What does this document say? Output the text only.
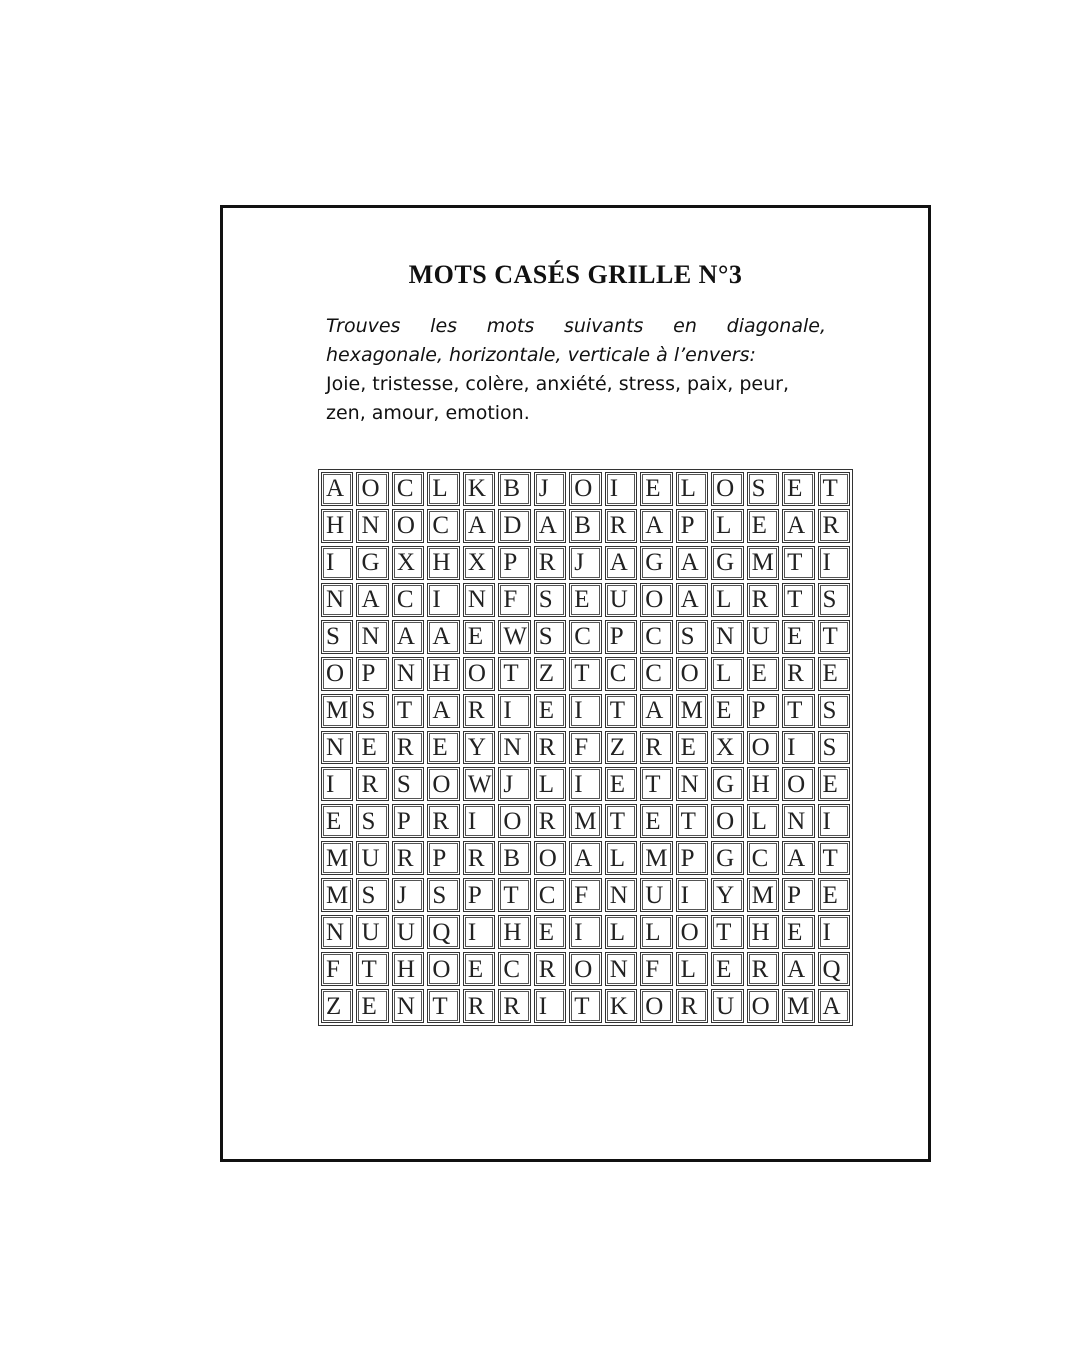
MOTS CASÉS GRILLE N°3
Trouves les mots suivants en diagonale,
hexagonale, horizontale, verticale à l’envers:
Joie, tristesse, colère, anxiété, stress, paix, peur, zen, amour, emotion.
A O C L K B J	O I	E L O S E T
H N O C A D A B R A P L E A R
I	G X H X P R J	A G A G M T I
N A C I	N F S E U O A L R T S
S N A A E W S C P C S N U E T
O P N H O T Z T C C O L E R E
M S T A R I	E I	T A M E P T S
N E R E Y N R F Z R E X O I	S
I	R S O W J	L I	E T N G H O E
E S P R I	O R M T E T O L N I
M U R P R B O A L M P G C A T
M S J	S P T C F N U I	Y M P E
N U U Q I	H E I	L L O T H E I
F T H O E C R O N F L E R A Q
Z E N T R R I	T K O R U O M A
